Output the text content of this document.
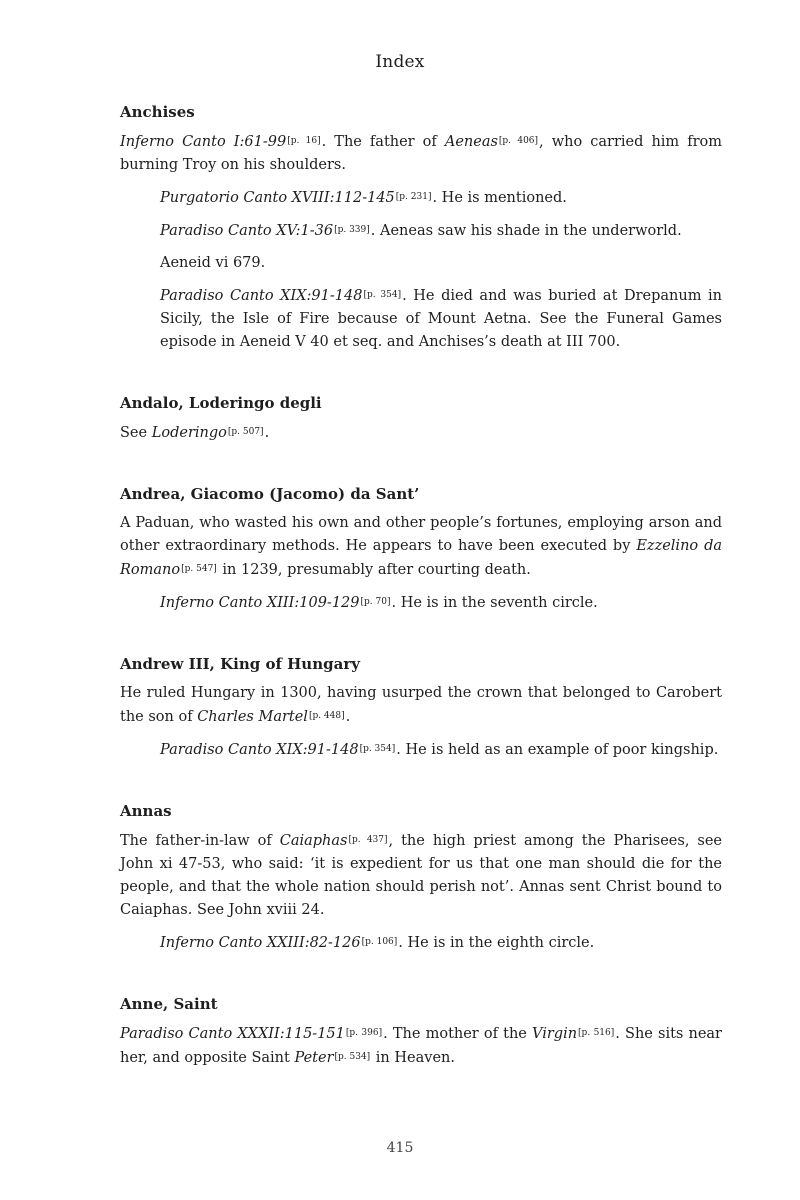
Index
Anchises

Inferno Canto I:61-99[p. 16]. The father of Aeneas[p. 406], who carried him from burning Troy on his shoulders.

Purgatorio Canto XVIII:112-145[p. 231]. He is mentioned.

Paradiso Canto XV:1-36[p. 339]. Aeneas saw his shade in the underworld.

Aeneid vi 679.

Paradiso Canto XIX:91-148[p. 354]. He died and was buried at Drepanum in Sicily, the Isle of Fire because of Mount Aetna. See the Funeral Games episode in Aeneid V 40 et seq. and Anchises’s death at III 700.

Andalo, Loderingo degli

See Loderingo[p. 507].

Andrea, Giacomo (Jacomo) da Sant’

A Paduan, who wasted his own and other people’s fortunes, employing arson and other extraordinary methods. He appears to have been executed by Ezzelino da Romano[p. 547] in 1239, presumably after courting death.

Inferno Canto XIII:109-129[p. 70]. He is in the seventh circle.

Andrew III, King of Hungary

He ruled Hungary in 1300, having usurped the crown that belonged to Carobert the son of Charles Martel[p. 448].

Paradiso Canto XIX:91-148[p. 354]. He is held as an example of poor kingship.

Annas

The father-in-law of Caiaphas[p. 437], the high priest among the Pharisees, see John xi 47-53, who said: ‘it is expedient for us that one man should die for the people, and that the whole nation should perish not’. Annas sent Christ bound to Caiaphas. See John xviii 24.

Inferno Canto XXIII:82-126[p. 106]. He is in the eighth circle.

Anne, Saint

Paradiso Canto XXXII:115-151[p. 396]. The mother of the Virgin[p. 516]. She sits near her, and opposite Saint Peter[p. 534] in Heaven.

415
